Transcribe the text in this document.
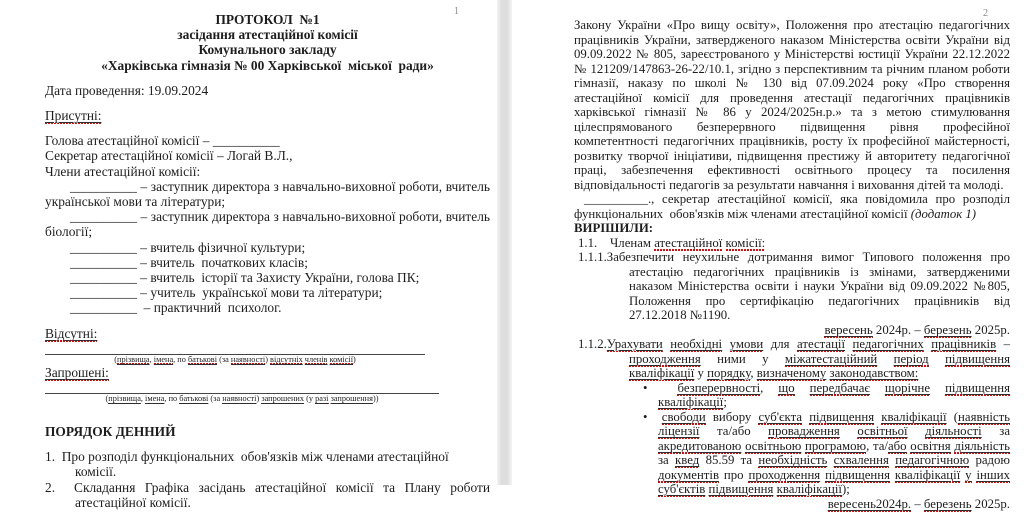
1
ПРОТОКОЛ  №1
засідання атестаційної комісії
Комунального закладу
«Харківська гімназія № 00 Харківської  міської  ради»
Дата проведення: 19.09.2024
Присутні:
Голова атестаційної комісії – __________
Секретар атестаційної комісії – Логай В.Л.,
Члени атестаційної комісії:
__________ – заступник директора з навчально-виховної роботи, вчитель української мови та літератури;
__________ – заступник директора з навчально-виховної роботи, вчитель біології;
__________ – вчитель фізичної культури;
__________ – вчитель  початкових класів;
__________ – вчитель  історії та Захисту України, голова ПК;
__________ – учитель  української мови та літератури;
__________  – практичний  психолог.
Відсутні:
(прізвища, імена, по батькові (за наявності) відсутніх членів комісії)
Запрошені:
(прізвища, імена, по батькові (за наявності) запрошених (у разі запрошення))
ПОРЯДОК ДЕННИЙ
1.  Про розподіл функціональних  обов'язків між членами атестаційної комісії.
2.  Складання Графіка засідань атестаційної комісії та Плану роботи атестаційної комісії.
2
Закону України «Про вищу освіту», Положення про атестацію педагогічних працівників України, затвердженого наказом Міністерства освіти України від 09.09.2022 № 805, зареєстрованого у Міністерстві юстиції України 22.12.2022 № 121209/147863-26-22/10.1, згідно з перспективним та річним планом роботи гімназії, наказу по школі № 130 від 07.09.2024 року «Про створення атестаційної комісії для проведення атестації педагогічних працівників харківської гімназії № 86 у 2024/2025н.р.» та з метою стимулювання цілеспрямованого безперервного підвищення рівня професійної компетентності педагогічних працівників, росту їх професійної майстерності, розвитку творчої ініціативи, підвищення престижу й авторитету педагогічної праці, забезпечення ефективності освітнього процесу та посилення відповідальності педагогів за результати навчання і виховання дітей та молоді.
__________., секретар атестаційної комісії, яка повідомила про розподіл функціональних  обов'язків між членами атестаційної комісії (додаток 1)
ВИРІШИЛИ:
1.1.    Членам атестаційної комісії:
1.1.1.Забезпечити неухильне дотримання вимог Типового положення про атестацію педагогічних працівників із змінами, затвердженими наказом Міністерства освіти і науки України від 09.09.2022 №805, Положення про сертифікацію педагогічних працівників від 27.12.2018 №1190.
вересень 2024р. – березень 2025р.
1.1.2.Урахувати необхідні умови для атестації педагогічних працівників – проходження ними у міжатестаційний період підвищення кваліфікації у порядку, визначеному законодавством:
•  безперервності, що передбачає щорічне підвищення кваліфікації;
•  свободи вибору суб'єкта підвищення кваліфікації (наявність ліцензії та/або провадження освітньої діяльності за акредитованою освітньою програмою, та/або освітня діяльність за квед 85.59 та необхідність схвалення педагогічною радою документів про проходження підвищення кваліфікації у інших суб'єктів підвищення кваліфікації);
вересень2024р. – березень 2025р.
